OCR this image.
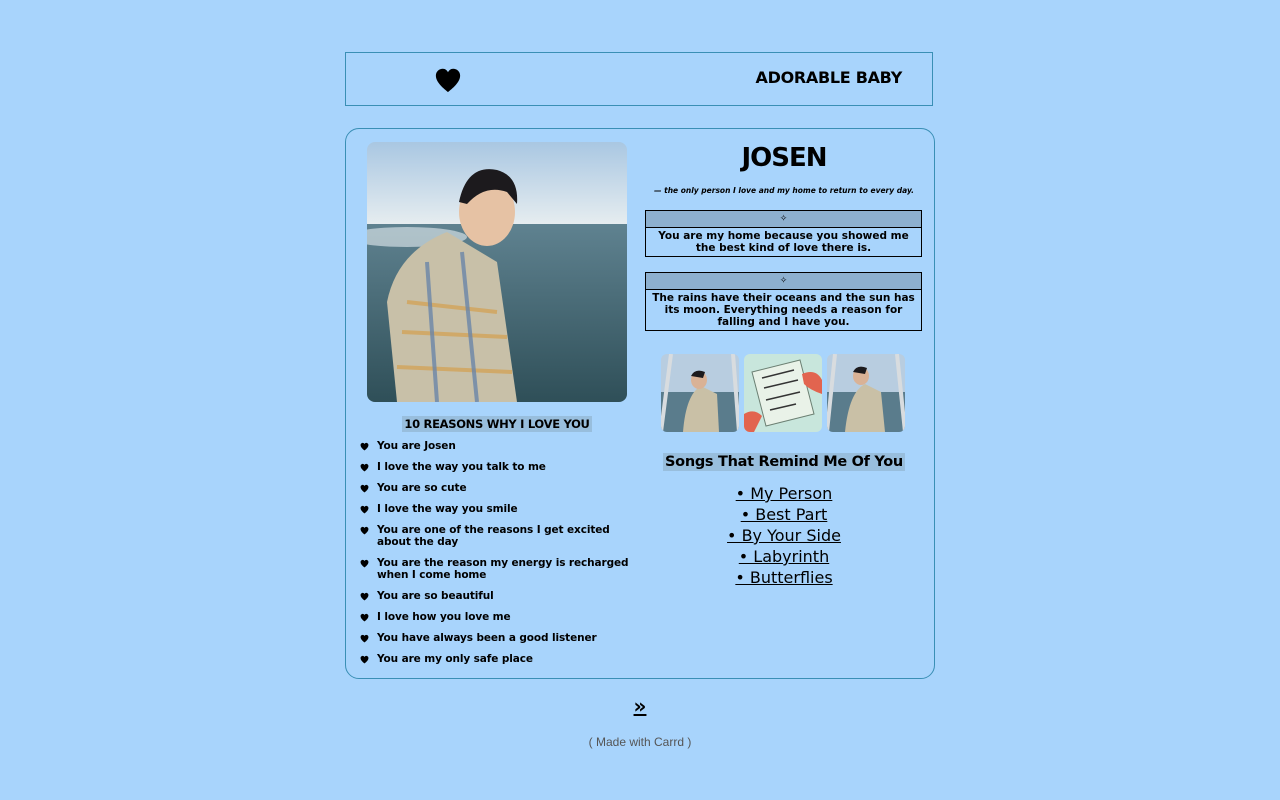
ADORABLE BABY
10 REASONS WHY I LOVE YOU
You are Josen
I love the way you talk to me
You are so cute
I love the way you smile
You are one of the reasons I get excited about the day
You are the reason my energy is recharged when I come home
You are so beautiful
I love how you love me
You have always been a good listener
You are my only safe place
JOSEN
— the only person I love and my home to return to every day.
✧
You are my home because you showed me the best kind of love there is.
✧
The rains have their oceans and the sun has its moon. Everything needs a reason for falling and I have you.
Songs That Remind Me Of You
• My Person
• Best Part
• By Your Side
• Labyrinth
• Butterflies
»
( Made with Carrd )
